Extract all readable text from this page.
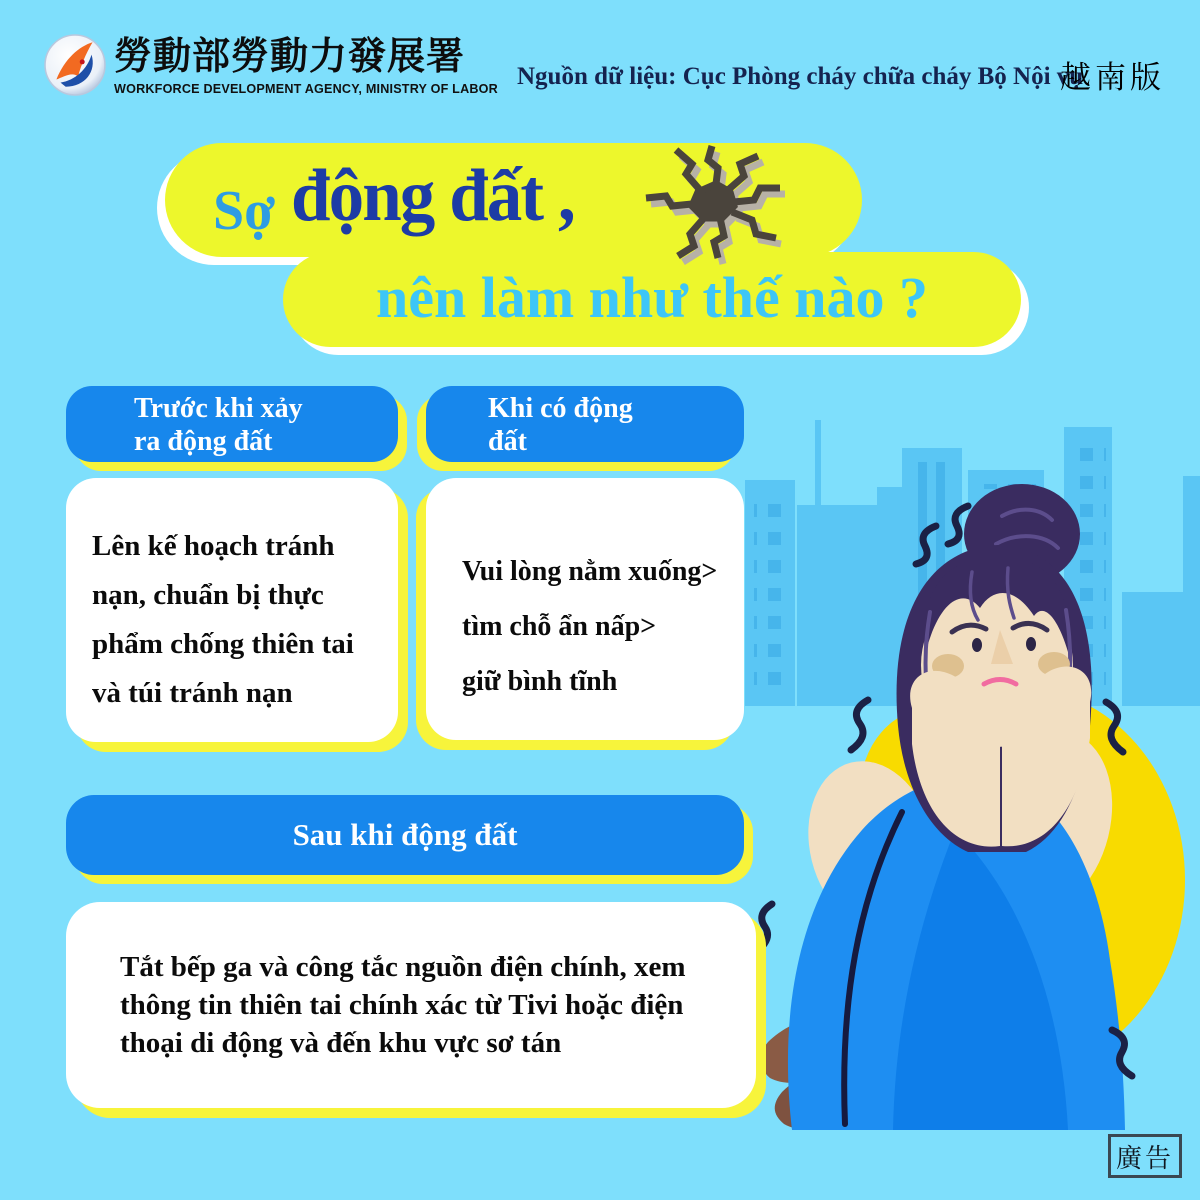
勞動部勞動力發展署
WORKFORCE DEVELOPMENT AGENCY, MINISTRY OF LABOR Nguồn dữ liệu: Cục Phòng cháy chữa cháy Bộ Nội vụ
越南版
Sợ động đất ,
nên làm như thế nào ?
Trước khi xảy
ra động đất
Lên kế hoạch tránh
nạn, chuẩn bị thực
phẩm chống thiên tai
và túi tránh nạn
Khi có động
đất
Vui lòng nằm xuống>
tìm chỗ ẩn nấp>
giữ bình tĩnh
Sau khi động đất
Tắt bếp ga và công tắc nguồn điện chính, xem
thông tin thiên tai chính xác từ Tivi hoặc điện
thoại di động và đến khu vực sơ tán
廣告
